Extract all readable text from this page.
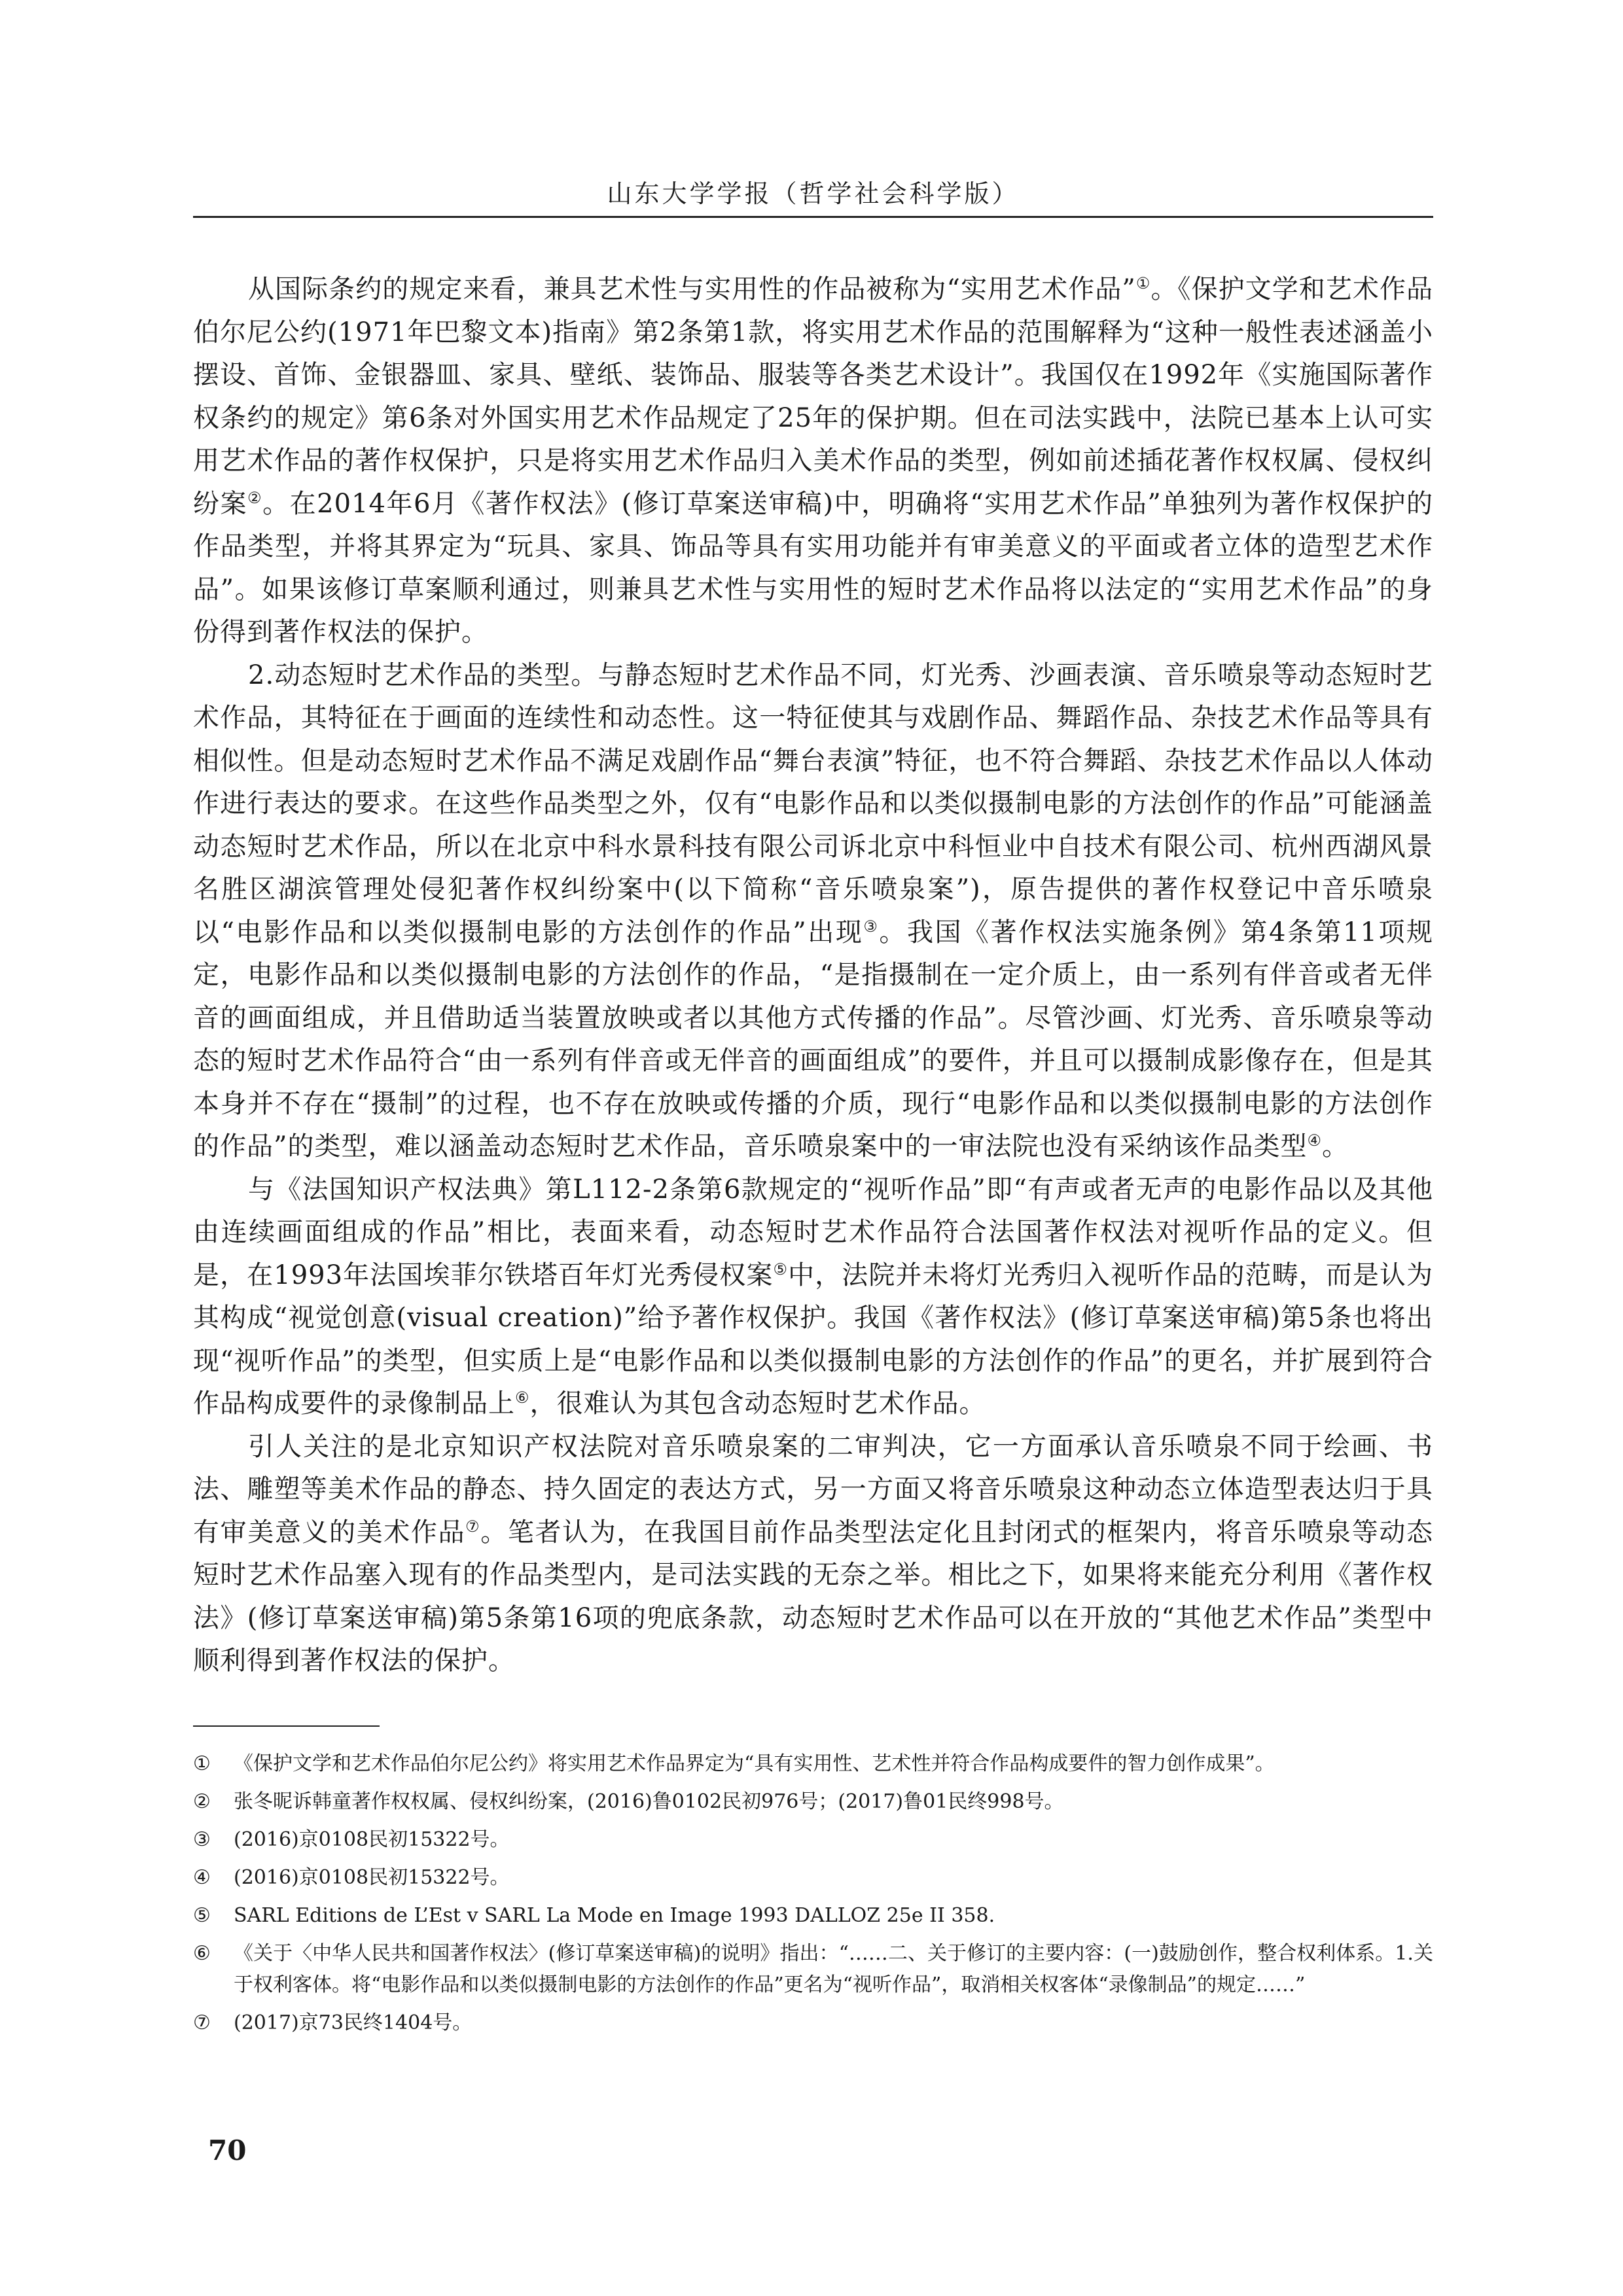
山东大学学报（哲学社会科学版）

从国际条约的规定来看，兼具艺术性与实用性的作品被称为“实用艺术作品”①。《保护文学和艺术作品伯尔尼公约(1971年巴黎文本)指南》第2条第1款，将实用艺术作品的范围解释为“这种一般性表述涵盖小摆设、首饰、金银器皿、家具、壁纸、装饰品、服装等各类艺术设计”。我国仅在1992年《实施国际著作权条约的规定》第6条对外国实用艺术作品规定了25年的保护期。但在司法实践中，法院已基本上认可实用艺术作品的著作权保护，只是将实用艺术作品归入美术作品的类型，例如前述插花著作权权属、侵权纠纷案②。在2014年6月《著作权法》(修订草案送审稿)中，明确将“实用艺术作品”单独列为著作权保护的作品类型，并将其界定为“玩具、家具、饰品等具有实用功能并有审美意义的平面或者立体的造型艺术作品”。如果该修订草案顺利通过，则兼具艺术性与实用性的短时艺术作品将以法定的“实用艺术作品”的身份得到著作权法的保护。

2.动态短时艺术作品的类型。与静态短时艺术作品不同，灯光秀、沙画表演、音乐喷泉等动态短时艺术作品，其特征在于画面的连续性和动态性。这一特征使其与戏剧作品、舞蹈作品、杂技艺术作品等具有相似性。但是动态短时艺术作品不满足戏剧作品“舞台表演”特征，也不符合舞蹈、杂技艺术作品以人体动作进行表达的要求。在这些作品类型之外，仅有“电影作品和以类似摄制电影的方法创作的作品”可能涵盖动态短时艺术作品，所以在北京中科水景科技有限公司诉北京中科恒业中自技术有限公司、杭州西湖风景名胜区湖滨管理处侵犯著作权纠纷案中(以下简称“音乐喷泉案”)，原告提供的著作权登记中音乐喷泉以“电影作品和以类似摄制电影的方法创作的作品”出现③。我国《著作权法实施条例》第4条第11项规定，电影作品和以类似摄制电影的方法创作的作品，“是指摄制在一定介质上，由一系列有伴音或者无伴音的画面组成，并且借助适当装置放映或者以其他方式传播的作品”。尽管沙画、灯光秀、音乐喷泉等动态的短时艺术作品符合“由一系列有伴音或无伴音的画面组成”的要件，并且可以摄制成影像存在，但是其本身并不存在“摄制”的过程，也不存在放映或传播的介质，现行“电影作品和以类似摄制电影的方法创作的作品”的类型，难以涵盖动态短时艺术作品，音乐喷泉案中的一审法院也没有采纳该作品类型④。

与《法国知识产权法典》第L112-2条第6款规定的“视听作品”即“有声或者无声的电影作品以及其他由连续画面组成的作品”相比，表面来看，动态短时艺术作品符合法国著作权法对视听作品的定义。但是，在1993年法国埃菲尔铁塔百年灯光秀侵权案⑤中，法院并未将灯光秀归入视听作品的范畴，而是认为其构成“视觉创意(visual creation)”给予著作权保护。我国《著作权法》(修订草案送审稿)第5条也将出现“视听作品”的类型，但实质上是“电影作品和以类似摄制电影的方法创作的作品”的更名，并扩展到符合作品构成要件的录像制品上⑥，很难认为其包含动态短时艺术作品。

引人关注的是北京知识产权法院对音乐喷泉案的二审判决，它一方面承认音乐喷泉不同于绘画、书法、雕塑等美术作品的静态、持久固定的表达方式，另一方面又将音乐喷泉这种动态立体造型表达归于具有审美意义的美术作品⑦。笔者认为，在我国目前作品类型法定化且封闭式的框架内，将音乐喷泉等动态短时艺术作品塞入现有的作品类型内，是司法实践的无奈之举。相比之下，如果将来能充分利用《著作权法》(修订草案送审稿)第5条第16项的兜底条款，动态短时艺术作品可以在开放的“其他艺术作品”类型中顺利得到著作权法的保护。

①	《保护文学和艺术作品伯尔尼公约》将实用艺术作品界定为“具有实用性、艺术性并符合作品构成要件的智力创作成果”。
②	张冬昵诉韩童著作权权属、侵权纠纷案，(2016)鲁0102民初976号；(2017)鲁01民终998号。
③	(2016)京0108民初15322号。
④	(2016)京0108民初15322号。
⑤	SARL Editions de L’Est v SARL La Mode en Image 1993 DALLOZ 25e II 358.
⑥	《关于〈中华人民共和国著作权法〉(修订草案送审稿)的说明》指出：“……二、关于修订的主要内容：(一)鼓励创作，整合权利体系。1.关于权利客体。将“电影作品和以类似摄制电影的方法创作的作品”更名为“视听作品”，取消相关权客体“录像制品”的规定……”
⑦	(2017)京73民终1404号。
70
